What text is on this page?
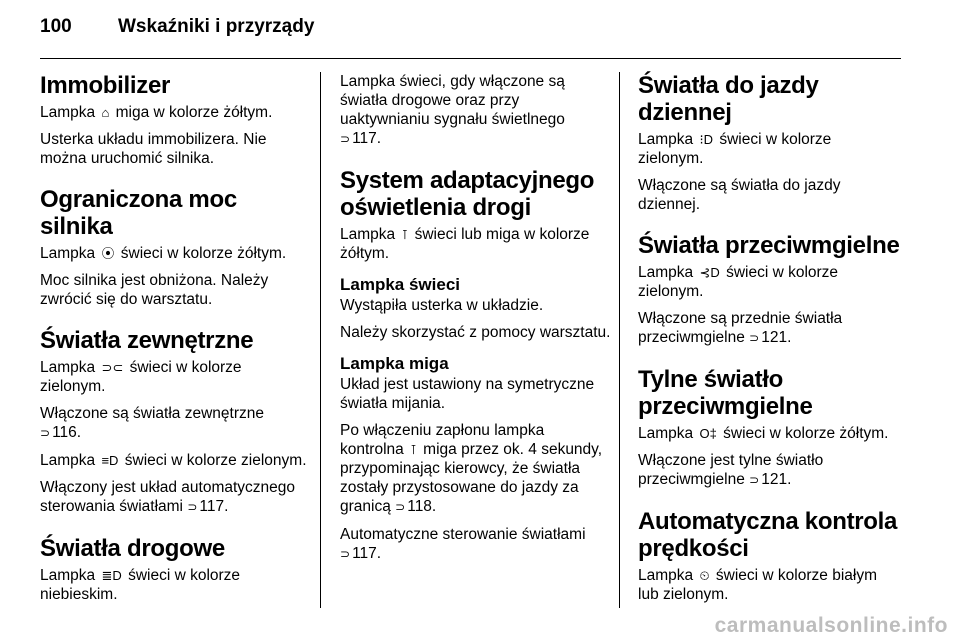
100 Wskaźniki i przyrządy
Immobilizer

Lampka ⌂ miga w kolorze żółtym.

Usterka układu immobilizera. Nie można uruchomić silnika.

Ograniczona moc silnika

Lampka ⦿ świeci w kolorze żółtym.

Moc silnika jest obniżona. Należy zwrócić się do warsztatu.

Światła zewnętrzne

Lampka ⊃⊂ świeci w kolorze zielonym.

Włączone są światła zewnętrzne
⊃ 116.

Lampka ≡D świeci w kolorze zielonym.

Włączony jest układ automatycznego sterowania światłami ⊃ 117.

Światła drogowe

Lampka ≣D świeci w kolorze niebieskim.

Lampka świeci, gdy włączone są światła drogowe oraz przy uaktywnianiu sygnału świetlnego
⊃ 117.

System adaptacyjnego oświetlenia drogi

Lampka ⊺ świeci lub miga w kolorze żółtym.

Lampka świeci

Wystąpiła usterka w układzie.

Należy skorzystać z pomocy warsztatu.

Lampka miga

Układ jest ustawiony na symetryczne światła mijania.

Po włączeniu zapłonu lampka kontrolna ⊺ miga przez ok. 4 sekundy, przypominając kierowcy, że światła zostały przystosowane do jazdy za granicą ⊃ 118.

Automatyczne sterowanie światłami
⊃ 117.

Światła do jazdy dziennej

Lampka ⁝D świeci w kolorze zielonym.

Włączone są światła do jazdy dziennej.

Światła przeciwmgielne

Lampka ⊰D świeci w kolorze zielonym.

Włączone są przednie światła przeciwmgielne ⊃ 121.

Tylne światło przeciwmgielne

Lampka O‡ świeci w kolorze żółtym.

Włączone jest tylne światło przeciwmgielne ⊃ 121.

Automatyczna kontrola prędkości

Lampka ⏲ świeci w kolorze białym lub zielonym.

carmanualsonline.info
